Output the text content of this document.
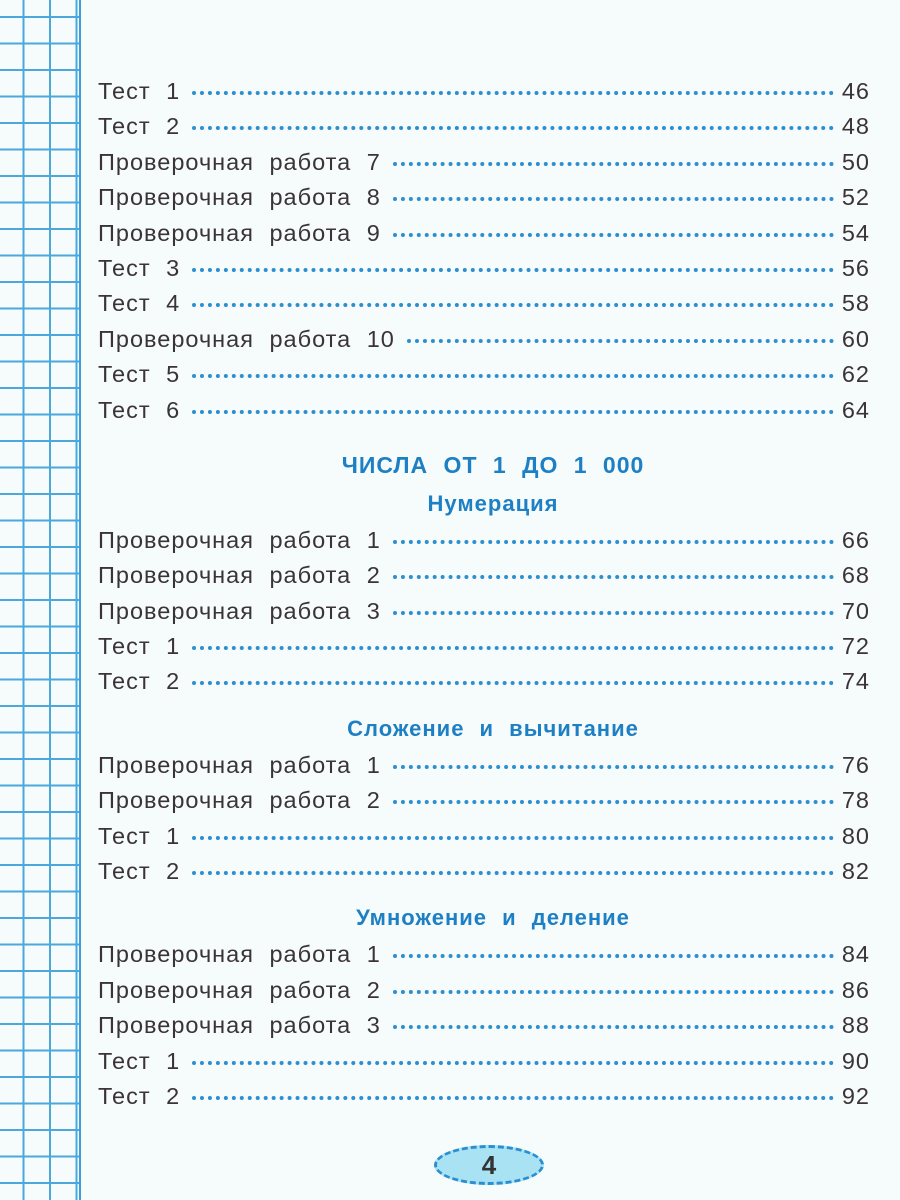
Тест 1	46
Тест 2	48
Проверочная работа 7	50
Проверочная работа 8	52
Проверочная работа 9	54
Тест 3	56
Тест 4	58
Проверочная работа 10	60
Тест 5	62
Тест 6	64
ЧИСЛА ОТ 1 ДО 1 000
Нумерация
Проверочная работа 1	66
Проверочная работа 2	68
Проверочная работа 3	70
Тест 1	72
Тест 2	74
Сложение и вычитание
Проверочная работа 1	76
Проверочная работа 2	78
Тест 1	80
Тест 2	82
Умножение и деление
Проверочная работа 1	84
Проверочная работа 2	86
Проверочная работа 3	88
Тест 1	90
Тест 2	92
4
